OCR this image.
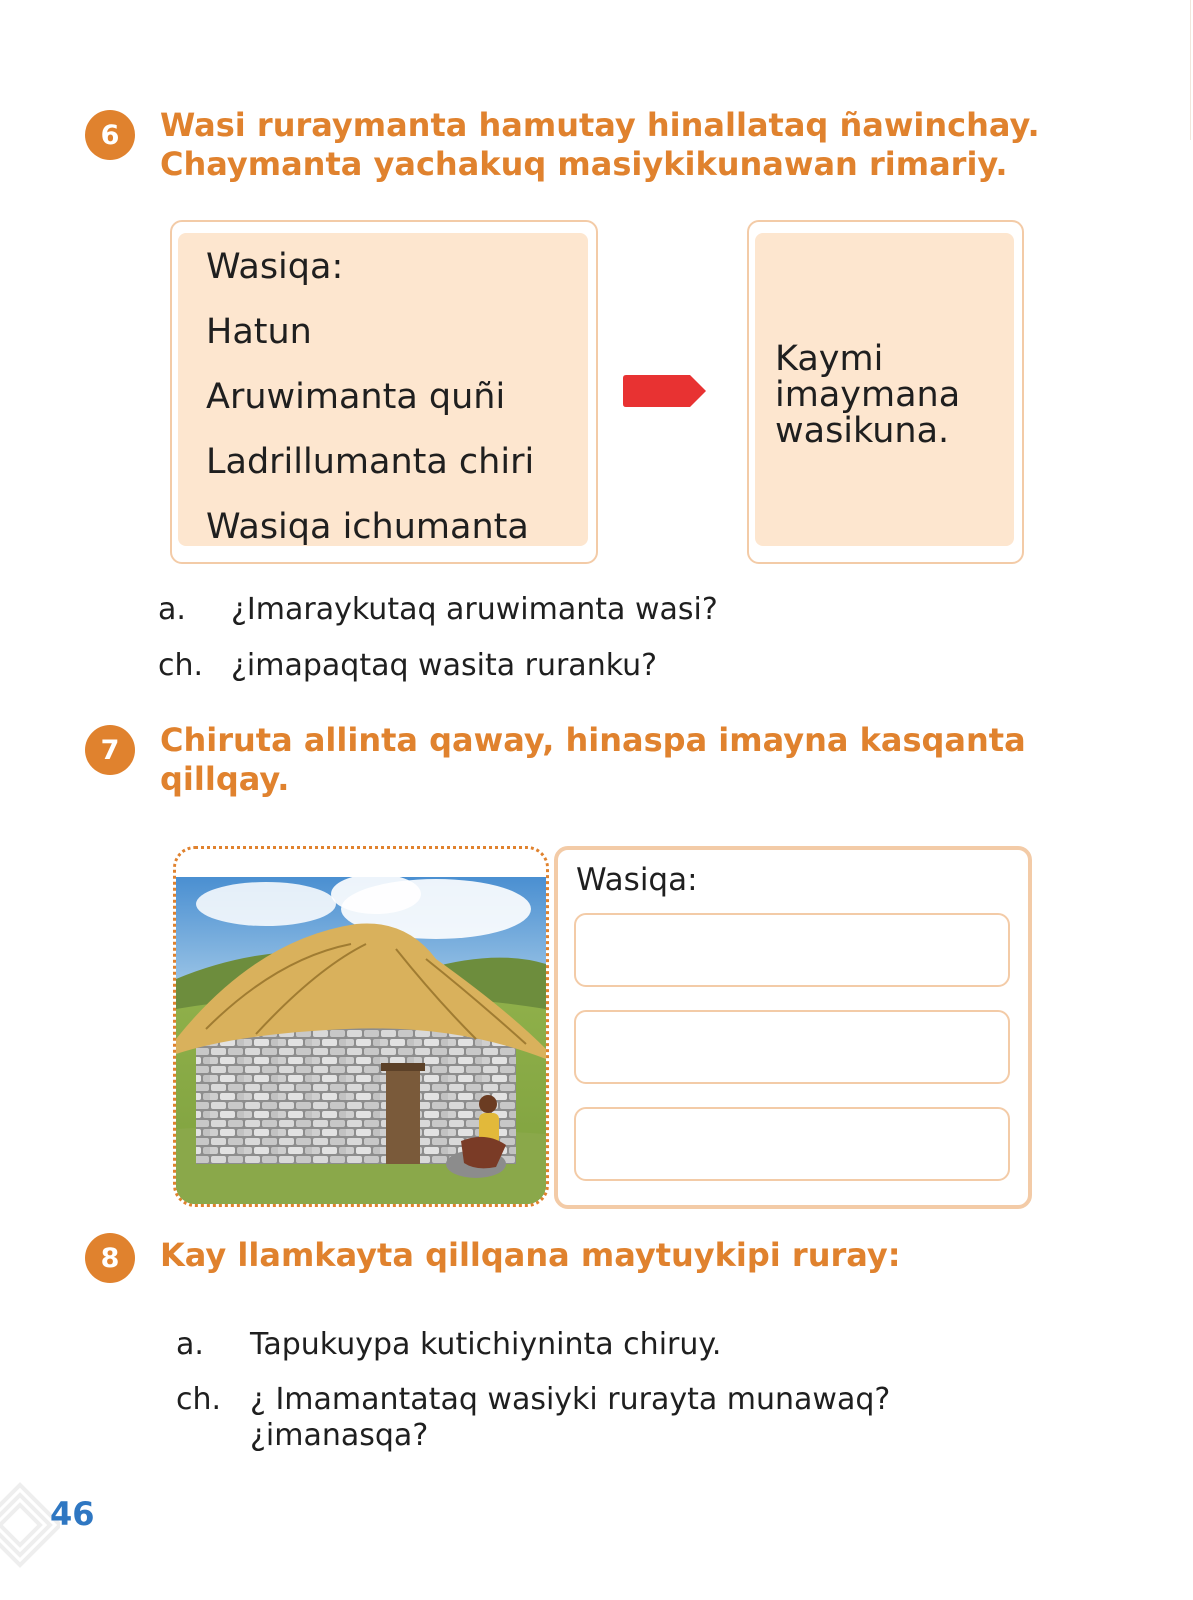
6 Wasi ruraymanta hamutay hinallataq ñawinchay.
Chaymanta yachakuq masiykikunawan rimariy.
Wasiqa:
Hatun
Aruwimanta quñi
Ladrillumanta chiri
Wasiqa ichumanta
Kaymi
imaymana
wasikuna.
a. ¿Imaraykutaq aruwimanta wasi?
ch. ¿imapaqtaq wasita ruranku?
7 Chiruta allinta qaway, hinaspa imayna kasqanta
qillqay.
Wasiqa:
8 Kay llamkayta qillqana maytuykipi ruray:
a. Tapukuypa kutichiyninta chiruy.
ch. ¿ Imamantataq wasiyki rurayta munawaq?
¿imanasqa?
46
